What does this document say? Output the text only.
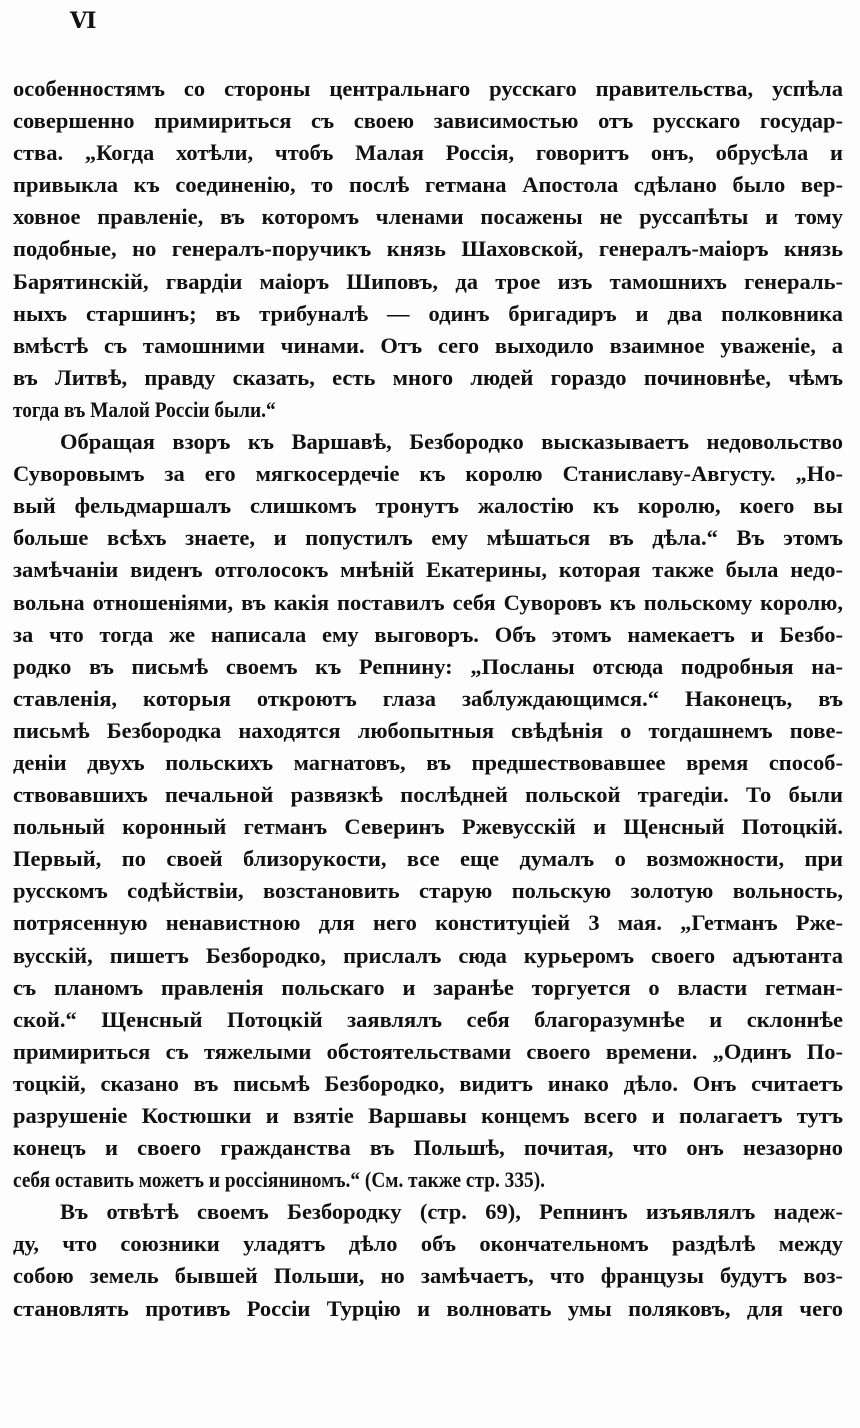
VI
особенностямъ со стороны центральнаго русскаго правительства, успѣла
совершенно примириться съ своею зависимостью отъ русскаго государ-
ства. „Когда хотѣли, чтобъ Малая Россія, говоритъ онъ, обрусѣла и
привыкла къ соединенію, то послѣ гетмана Апостола сдѣлано было вер-
ховное правленіе, въ которомъ членами посажены не руссапѣты и тому
подобные, но генералъ-поручикъ князь Шаховской, генералъ-маіоръ князь
Барятинскій, гвардіи маіоръ Шиповъ, да трое изъ тамошнихъ генераль-
ныхъ старшинъ; въ трибуналѣ — одинъ бригадиръ и два полковника
вмѣстѣ съ тамошними чинами. Отъ сего выходило взаимное уваженіе, а
въ Литвѣ, правду сказать, есть много людей гораздо починовнѣе, чѣмъ
тогда въ Малой Россіи были.“
Обращая взоръ къ Варшавѣ, Безбородко высказываетъ недовольство
Суворовымъ за его мягкосердечіе къ королю Станиславу-Августу. „Но-
вый фельдмаршалъ слишкомъ тронутъ жалостію къ королю, коего вы
больше всѣхъ знаете, и попустилъ ему мѣшаться въ дѣла.“ Въ этомъ
замѣчаніи виденъ отголосокъ мнѣній Екатерины, которая также была недо-
вольна отношеніями, въ какія поставилъ себя Суворовъ къ польскому королю,
за что тогда же написала ему выговоръ. Объ этомъ намекаетъ и Безбо-
родко въ письмѣ своемъ къ Репнину: „Посланы отсюда подробныя на-
ставленія, которыя откроютъ глаза заблуждающимся.“ Наконецъ, въ
письмѣ Безбородка находятся любопытныя свѣдѣнія о тогдашнемъ пове-
деніи двухъ польскихъ магнатовъ, въ предшествовавшее время способ-
ствовавшихъ печальной развязкѣ послѣдней польской трагедіи. То были
польный коронный гетманъ Северинъ Ржевусскій и Щенсный Потоцкій.
Первый, по своей близорукости, все еще думалъ о возможности, при
русскомъ содѣйствіи, возстановить старую польскую золотую вольность,
потрясенную ненавистною для него конституціей 3 мая. „Гетманъ Рже-
вусскій, пишетъ Безбородко, прислалъ сюда курьеромъ своего адъютанта
съ планомъ правленія польскаго и заранѣе торгуется о власти гетман-
ской.“ Щенсный Потоцкій заявлялъ себя благоразумнѣе и склоннѣе
примириться съ тяжелыми обстоятельствами своего времени. „Одинъ По-
тоцкій, сказано въ письмѣ Безбородко, видитъ инако дѣло. Онъ считаетъ
разрушеніе Костюшки и взятіе Варшавы концемъ всего и полагаетъ тутъ
конецъ и своего гражданства въ Польшѣ, почитая, что онъ незазорно
себя оставить можетъ и россіяниномъ.“ (См. также стр. 335).
Въ отвѣтѣ своемъ Безбородку (стр. 69), Репнинъ изъявлялъ надеж-
ду, что союзники уладятъ дѣло объ окончательномъ раздѣлѣ между
собою земель бывшей Польши, но замѣчаетъ, что французы будутъ воз-
становлять противъ Россіи Турцію и волновать умы поляковъ, для чего
